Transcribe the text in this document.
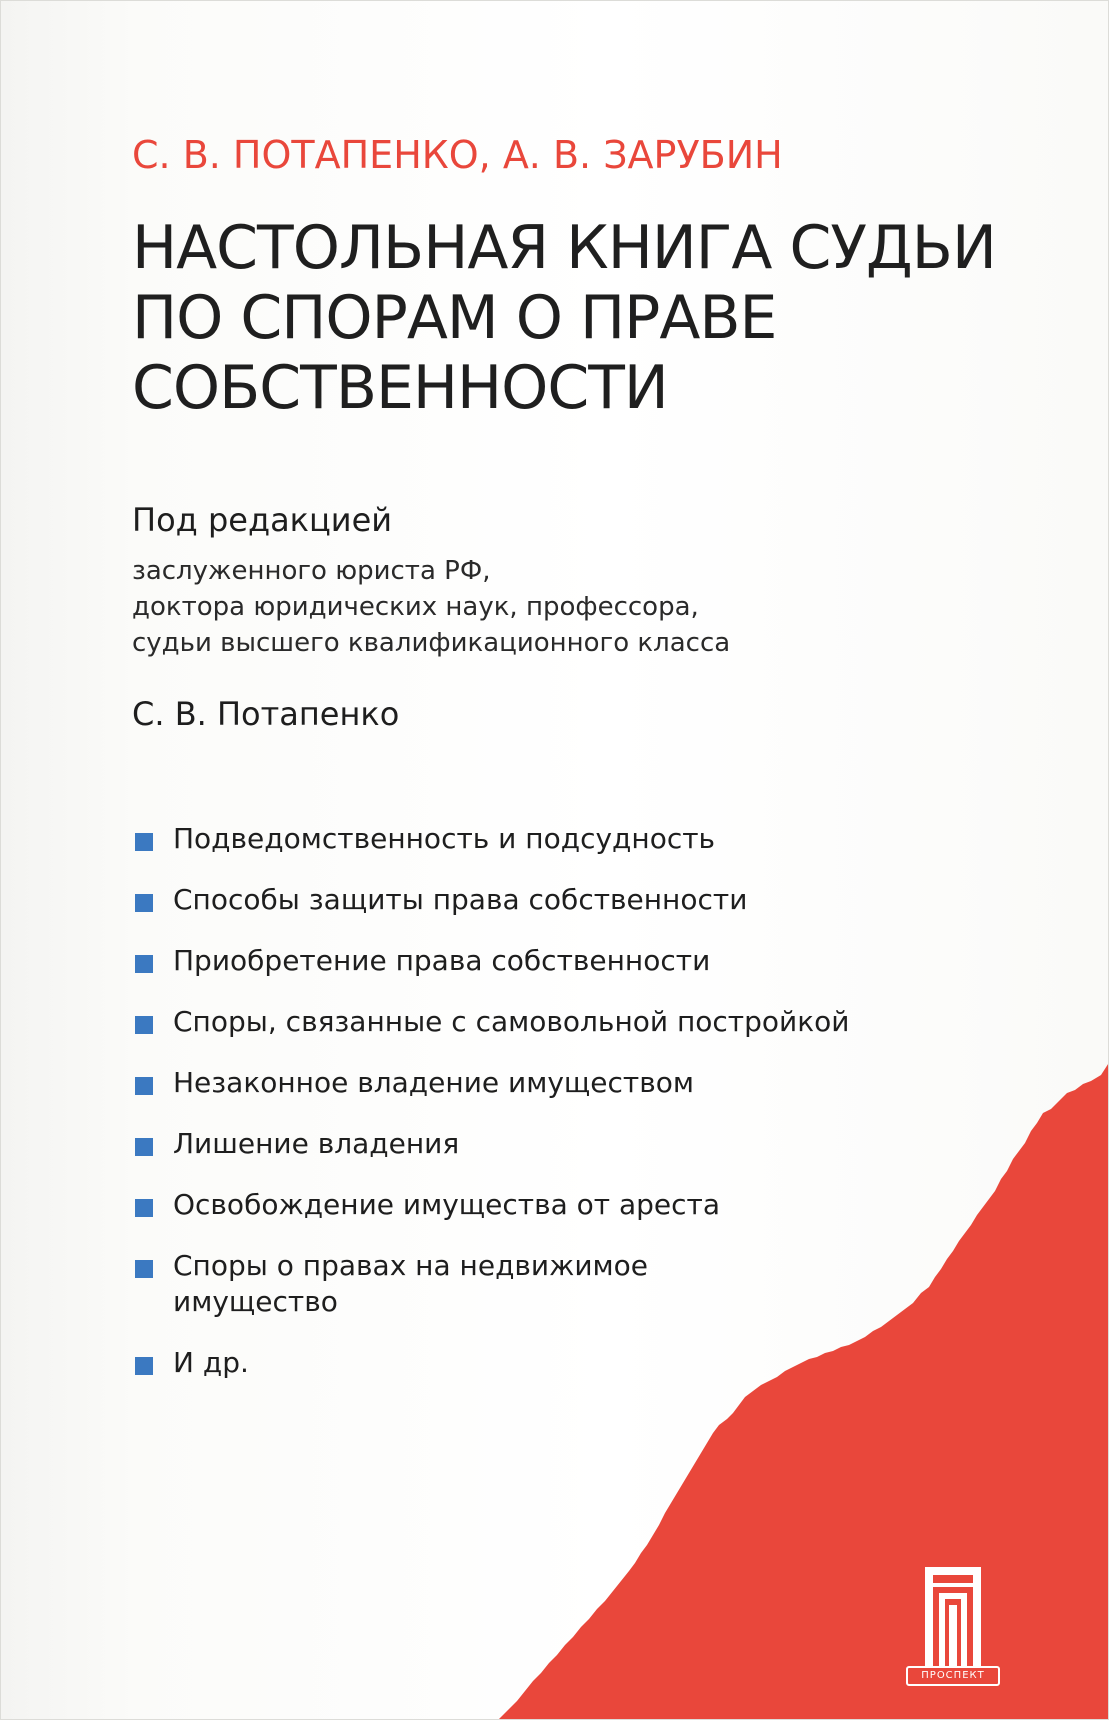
С. В. ПОТАПЕНКО, А. В. ЗАРУБИН
НАСТОЛЬНАЯ КНИГА СУДЬИ
ПО СПОРАМ О ПРАВЕ
СОБСТВЕННОСТИ
Под редакцией
заслуженного юриста РФ,
доктора юридических наук, профессора,
судьи высшего квалификационного класса
С. В. Потапенко
Подведомственность и подсудность
Способы защиты права собственности
Приобретение права собственности
Споры, связанные с самовольной постройкой
Незаконное владение имуществом
Лишение владения
Освобождение имущества от ареста
Споры о правах на недвижимое
имущество
И др.
ПРОСПЕКТ
